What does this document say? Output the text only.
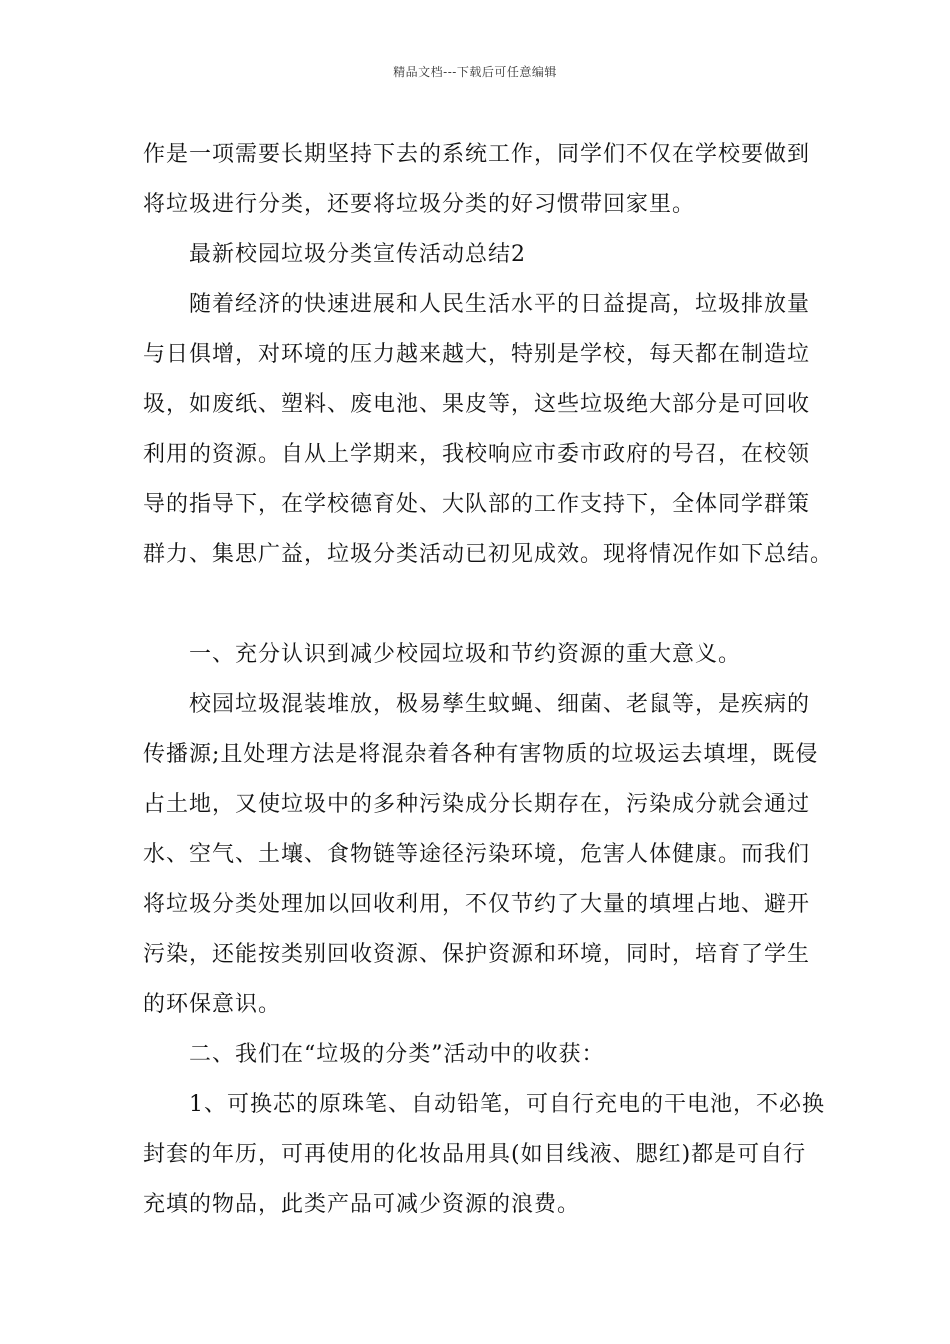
精品文档---下载后可任意编辑

作是一项需要长期坚持下去的系统工作，同学们不仅在学校要做到

将垃圾进行分类，还要将垃圾分类的好习惯带回家里。

最新校园垃圾分类宣传活动总结2

随着经济的快速进展和人民生活水平的日益提高，垃圾排放量

与日俱增，对环境的压力越来越大，特别是学校，每天都在制造垃

圾，如废纸、塑料、废电池、果皮等，这些垃圾绝大部分是可回收

利用的资源。自从上学期来，我校响应市委市政府的号召，在校领

导的指导下，在学校德育处、大队部的工作支持下，全体同学群策

群力、集思广益，垃圾分类活动已初见成效。现将情况作如下总结。

一、充分认识到减少校园垃圾和节约资源的重大意义。

校园垃圾混装堆放，极易孳生蚊蝇、细菌、老鼠等，是疾病的

传播源;且处理方法是将混杂着各种有害物质的垃圾运去填埋，既侵

占土地，又使垃圾中的多种污染成分长期存在，污染成分就会通过

水、空气、土壤、食物链等途径污染环境，危害人体健康。而我们

将垃圾分类处理加以回收利用，不仅节约了大量的填埋占地、避开

污染，还能按类别回收资源、保护资源和环境，同时，培育了学生

的环保意识。

二、我们在“垃圾的分类”活动中的收获：

1、可换芯的原珠笔、自动铅笔，可自行充电的干电池，不必换

封套的年历，可再使用的化妆品用具(如目线液、腮红)都是可自行

充填的物品，此类产品可减少资源的浪费。
